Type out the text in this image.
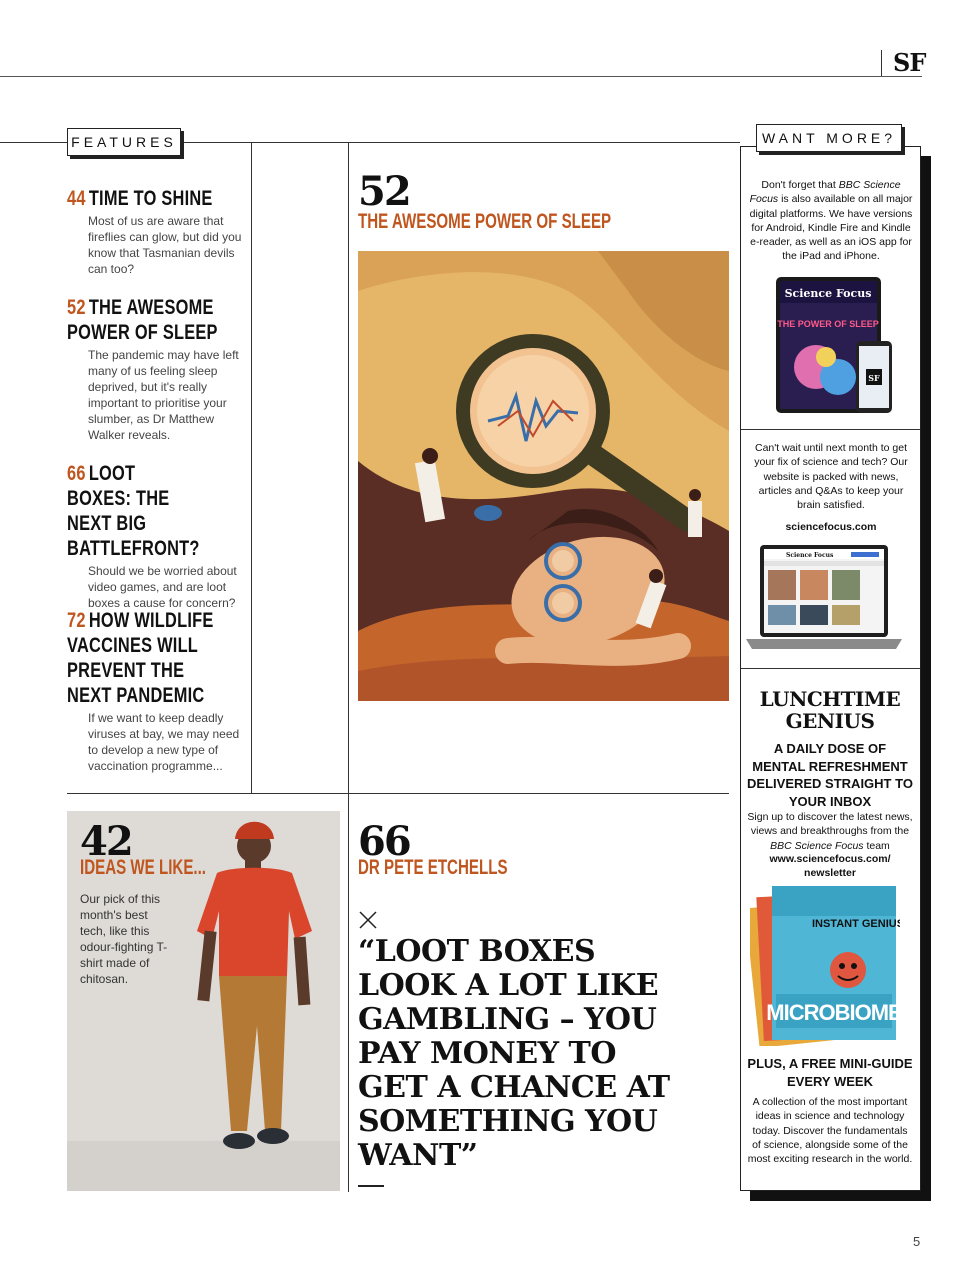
SF
FEATURES
44 TIME TO SHINE
Most of us are aware that fireflies can glow, but did you know that Tasmanian devils can too?
52 THE AWESOME POWER OF SLEEP
The pandemic may have left many of us feeling sleep deprived, but it's really important to prioritise your slumber, as Dr Matthew Walker reveals.
66 LOOT BOXES: THE NEXT BIG BATTLEFRONT?
Should we be worried about video games, and are loot boxes a cause for concern?
72 HOW WILDLIFE VACCINES WILL PREVENT THE NEXT PANDEMIC
If we want to keep deadly viruses at bay, we may need to develop a new type of vaccination programme...
52
THE AWESOME POWER OF SLEEP
42
IDEAS WE LIKE...
Our pick of this month's best tech, like this odour-fighting T-shirt made of chitosan.
66
DR PETE ETCHELLS
“LOOT BOXES LOOK A LOT LIKE GAMBLING – YOU PAY MONEY TO GET A CHANCE AT SOMETHING YOU WANT”
WANT MORE?
Don't forget that BBC Science Focus is also available on all major digital platforms. We have versions for Android, Kindle Fire and Kindle e-reader, as well as an iOS app for the iPad and iPhone.
Science Focus
THE POWER OF SLEEP
SF
Can't wait until next month to get your fix of science and tech? Our website is packed with news, articles and Q&As to keep your brain satisfied.
sciencefocus.com
Science Focus
LUNCHTIME GENIUS
A DAILY DOSE OF MENTAL REFRESHMENT DELIVERED STRAIGHT TO YOUR INBOX
Sign up to discover the latest news, views and breakthroughs from the BBC Science Focus team
www.sciencefocus.com/ newsletter
INSTANT GENIUS
MICROBIOME
PLUS, A FREE MINI-GUIDE EVERY WEEK
A collection of the most important ideas in science and technology today. Discover the fundamentals of science, alongside some of the most exciting research in the world.
5
